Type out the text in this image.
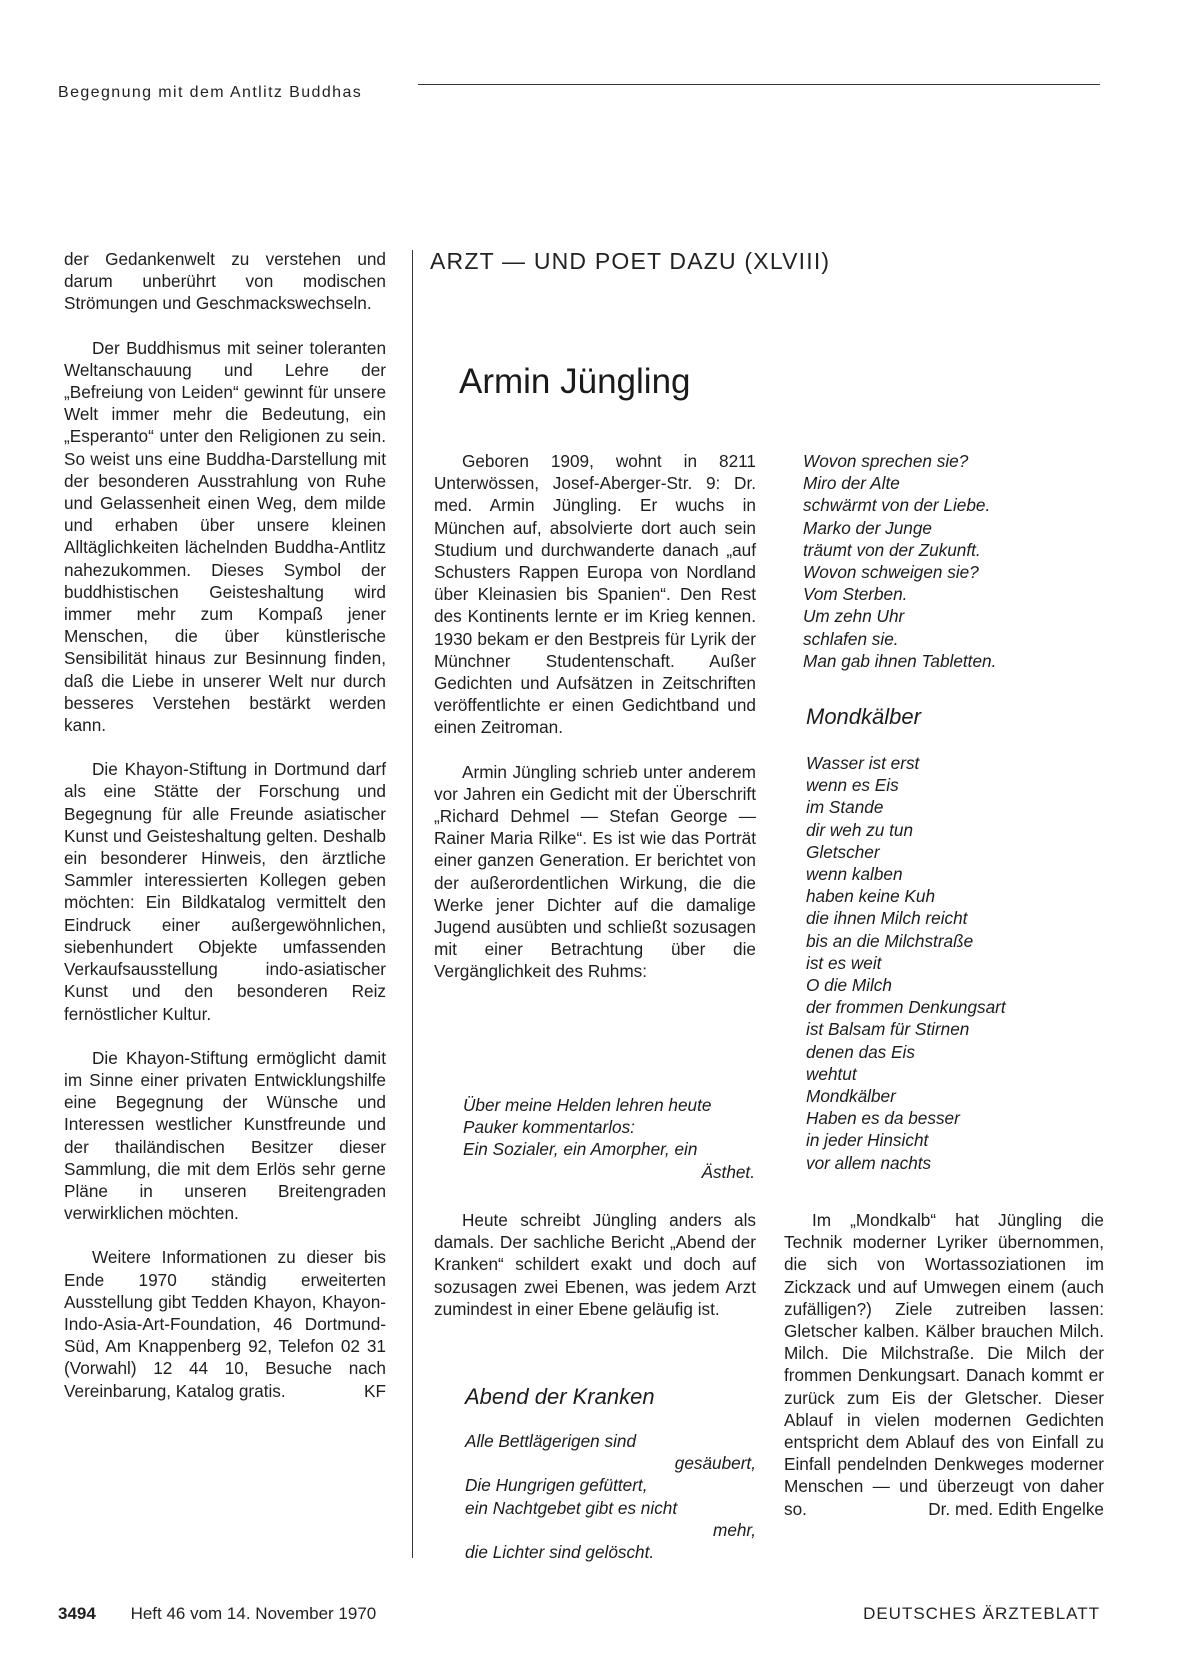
Begegnung mit dem Antlitz Buddhas

der Gedankenwelt zu verstehen und darum unberührt von modischen Strömungen und Geschmackswechseln.

Der Buddhismus mit seiner toleranten Weltanschauung und Lehre der „Befreiung von Leiden“ gewinnt für unsere Welt immer mehr die Bedeutung, ein „Esperanto“ unter den Religionen zu sein. So weist uns eine Buddha-Darstellung mit der besonderen Ausstrahlung von Ruhe und Gelassenheit einen Weg, dem milde und erhaben über unsere kleinen Alltäglichkeiten lächelnden Buddha-Antlitz nahezukommen. Dieses Symbol der buddhistischen Geisteshaltung wird immer mehr zum Kompaß jener Menschen, die über künstlerische Sensibilität hinaus zur Besinnung finden, daß die Liebe in unserer Welt nur durch besseres Verstehen bestärkt werden kann.

Die Khayon-Stiftung in Dortmund darf als eine Stätte der Forschung und Begegnung für alle Freunde asiatischer Kunst und Geisteshaltung gelten. Deshalb ein besonderer Hinweis, den ärztliche Sammler interessierten Kollegen geben möchten: Ein Bildkatalog vermittelt den Eindruck einer außergewöhnlichen, siebenhundert Objekte umfassenden Verkaufsausstellung indo-asiatischer Kunst und den besonderen Reiz fernöstlicher Kultur.

Die Khayon-Stiftung ermöglicht damit im Sinne einer privaten Entwicklungshilfe eine Begegnung der Wünsche und Interessen westlicher Kunstfreunde und der thailändischen Besitzer dieser Sammlung, die mit dem Erlös sehr gerne Pläne in unseren Breitengraden verwirklichen möchten.

Weitere Informationen zu dieser bis Ende 1970 ständig erweiterten Ausstellung gibt Tedden Khayon, Khayon-Indo-Asia-Art-Foundation, 46 Dortmund-Süd, Am Knappenberg 92, Telefon 02 31 (Vorwahl) 12 44 10, Besuche nach Vereinbarung, Katalog gratis.	KF

ARZT — UND POET DAZU (XLVIII)
Armin Jüngling

Geboren 1909, wohnt in 8211 Unterwössen, Josef-Aberger-Str. 9: Dr. med. Armin Jüngling. Er wuchs in München auf, absolvierte dort auch sein Studium und durchwanderte danach „auf Schusters Rappen Europa von Nordland über Kleinasien bis Spanien“. Den Rest des Kontinents lernte er im Krieg kennen. 1930 bekam er den Bestpreis für Lyrik der Münchner Studentenschaft. Außer Gedichten und Aufsätzen in Zeitschriften veröffentlichte er einen Gedichtband und einen Zeitroman.

Armin Jüngling schrieb unter anderem vor Jahren ein Gedicht mit der Überschrift „Richard Dehmel — Stefan George — Rainer Maria Rilke“. Es ist wie das Porträt einer ganzen Generation. Er berichtet von der außerordentlichen Wirkung, die die Werke jener Dichter auf die damalige Jugend ausübten und schließt sozusagen mit einer Betrachtung über die Vergänglichkeit des Ruhms:

Über meine Helden lehren heute
Pauker kommentarlos:
Ein Sozialer, ein Amorpher, ein
Ästhet.

Heute schreibt Jüngling anders als damals. Der sachliche Bericht „Abend der Kranken“ schildert exakt und doch auf sozusagen zwei Ebenen, was jedem Arzt zumindest in einer Ebene geläufig ist.

Abend der Kranken
Alle Bettlägerigen sind
gesäubert,
Die Hungrigen gefüttert,
ein Nachtgebet gibt es nicht
mehr,
die Lichter sind gelöscht.
Wovon sprechen sie?
Miro der Alte
schwärmt von der Liebe.
Marko der Junge
träumt von der Zukunft.
Wovon schweigen sie?
Vom Sterben.
Um zehn Uhr
schlafen sie.
Man gab ihnen Tabletten.
Mondkälber
Wasser ist erst
wenn es Eis
im Stande
dir weh zu tun
Gletscher
wenn kalben
haben keine Kuh
die ihnen Milch reicht
bis an die Milchstraße
ist es weit
O die Milch
der frommen Denkungsart
ist Balsam für Stirnen
denen das Eis
wehtut
Mondkälber
Haben es da besser
in jeder Hinsicht
vor allem nachts

Im „Mondkalb“ hat Jüngling die Technik moderner Lyriker übernommen, die sich von Wortassoziationen im Zickzack und auf Umwegen einem (auch zufälligen?) Ziele zutreiben lassen: Gletscher kalben. Kälber brauchen Milch. Milch. Die Milchstraße. Die Milch der frommen Denkungsart. Danach kommt er zurück zum Eis der Gletscher. Dieser Ablauf in vielen modernen Gedichten entspricht dem Ablauf des von Einfall zu Einfall pendelnden Denkweges moderner Menschen — und überzeugt von daher so.	Dr. med. Edith Engelke

3494 Heft 46 vom 14. November 1970	DEUTSCHES ÄRZTEBLATT
